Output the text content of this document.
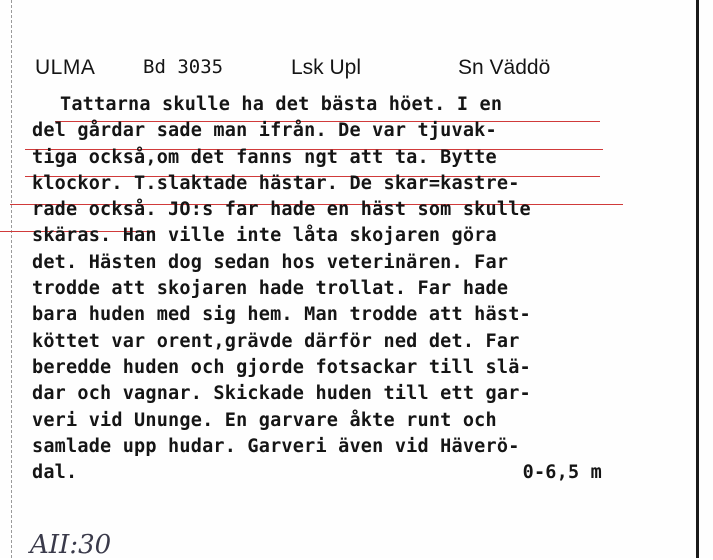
ULMA	Bd 3035	Lsk Upl	Sn Väddö
Tattarna skulle ha det bästa höet. I en
del gårdar sade man ifrån. De var tjuvak-
tiga också,om det fanns ngt att ta. Bytte
klockor. T.slaktade hästar. De skar=kastre-
rade också. JO:s far hade en häst som skulle
skäras. Han ville inte låta skojaren göra
det. Hästen dog sedan hos veterinären. Far
trodde att skojaren hade trollat. Far hade
bara huden med sig hem. Man trodde att häst-
köttet var orent,grävde därför ned det. Far
beredde huden och gjorde fotsackar till slä-
dar och vagnar. Skickade huden till ett gar-
veri vid Ununge. En garvare åkte runt och
samlade upp hudar. Garveri även vid Häverö-
dal.	0-6,5 m
AII:30
